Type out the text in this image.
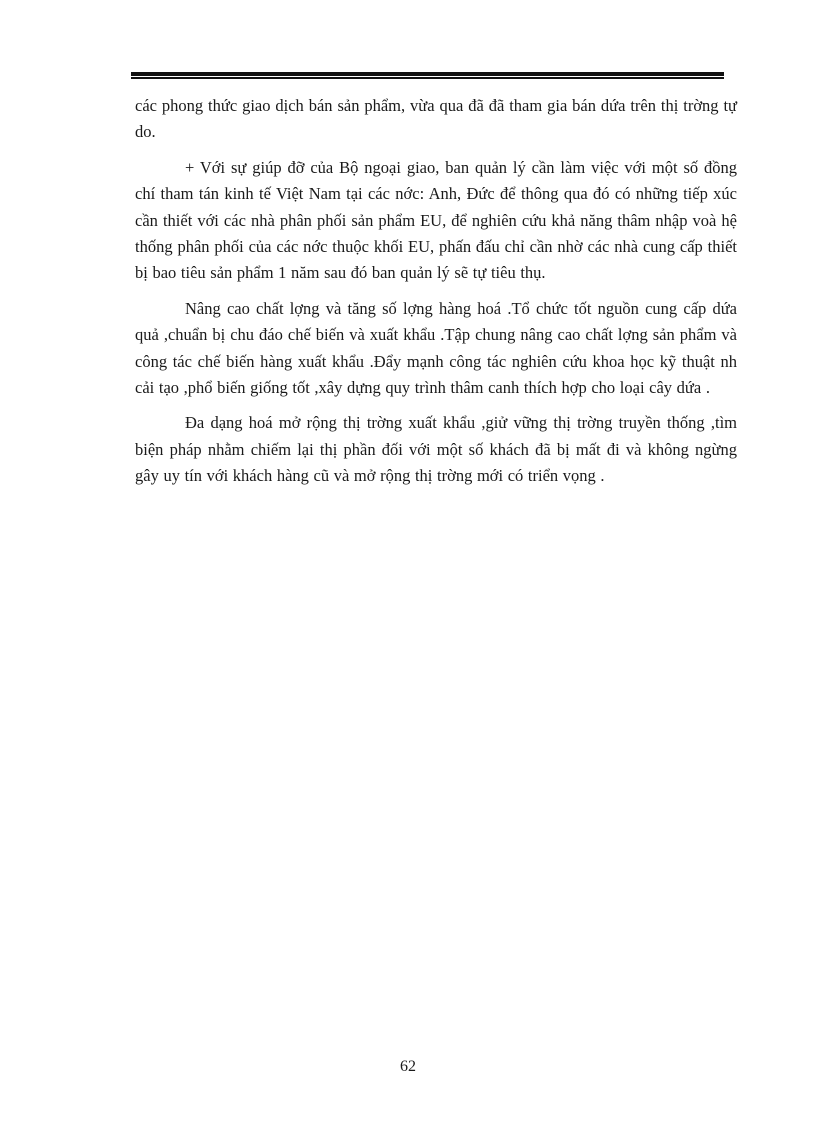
các phong thức giao dịch bán sản phẩm, vừa qua đã đã tham gia bán dứa trên thị trờng tự do.

+ Với sự giúp đỡ của Bộ ngoại giao, ban quản lý cần làm việc với một số đồng chí tham tán kinh tế Việt Nam tại các nớc: Anh, Đức để thông qua đó có những tiếp xúc cần thiết với các nhà phân phối sản phẩm EU, để nghiên cứu khả năng thâm nhập voà hệ thống phân phối của các nớc thuộc khối EU, phấn đấu chỉ cần nhờ các nhà cung cấp thiết bị bao tiêu sản phẩm 1 năm sau đó ban quản lý sẽ tự tiêu thụ.

Nâng cao chất lợng và tăng số lợng hàng hoá .Tổ chức tốt nguồn cung cấp dứa quả ,chuẩn bị chu đáo chế biến và xuất khẩu .Tập chung nâng cao chất lợng sản phẩm và công tác chế biến hàng xuất khẩu .Đẩy mạnh công tác nghiên cứu khoa học kỹ thuật nh cải tạo ,phổ biến giống tốt ,xây dựng quy trình thâm canh thích hợp cho loại cây dứa .

Đa dạng hoá mở rộng thị trờng xuất khẩu ,giử vững thị trờng truyền thống ,tìm biện pháp nhằm chiếm lại thị phần đối với một số khách đã bị mất đi và không ngừng gây uy tín với khách hàng cũ và mở rộng thị trờng mới có triển vọng .

62
